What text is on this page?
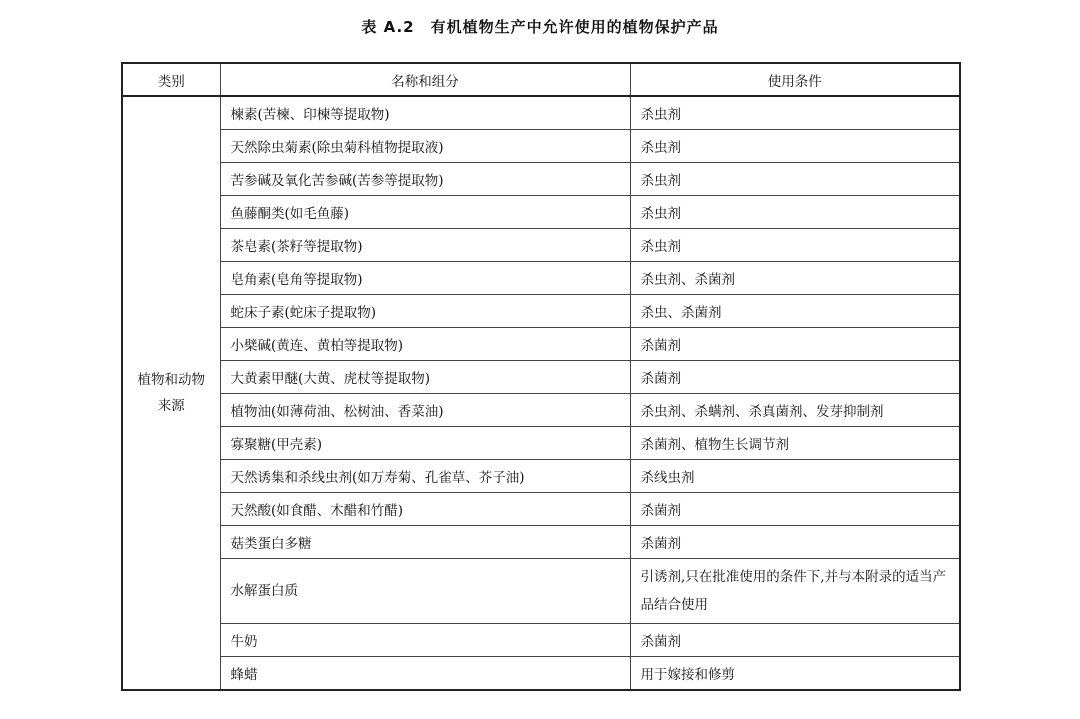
表 A.2 有机植物生产中允许使用的植物保护产品
类别	名称和组分	使用条件

植物和动物
来源	楝素(苦楝、印楝等提取物)	杀虫剂
	天然除虫菊素(除虫菊科植物提取液)	杀虫剂
	苦参碱及氧化苦参碱(苦参等提取物)	杀虫剂
	鱼藤酮类(如毛鱼藤)	杀虫剂
	茶皂素(茶籽等提取物)	杀虫剂
	皂角素(皂角等提取物)	杀虫剂、杀菌剂
	蛇床子素(蛇床子提取物)	杀虫、杀菌剂
	小檗碱(黄连、黄柏等提取物)	杀菌剂
	大黄素甲醚(大黄、虎杖等提取物)	杀菌剂
	植物油(如薄荷油、松树油、香菜油)	杀虫剂、杀螨剂、杀真菌剂、发芽抑制剂
	寡聚糖(甲壳素)	杀菌剂、植物生长调节剂
	天然诱集和杀线虫剂(如万寿菊、孔雀草、芥子油)	杀线虫剂
	天然酸(如食醋、木醋和竹醋)	杀菌剂
	菇类蛋白多糖	杀菌剂
	水解蛋白质	引诱剂,只在批准使用的条件下,并与本附录的适当产品结合使用
	牛奶	杀菌剂
	蜂蜡	用于嫁接和修剪
